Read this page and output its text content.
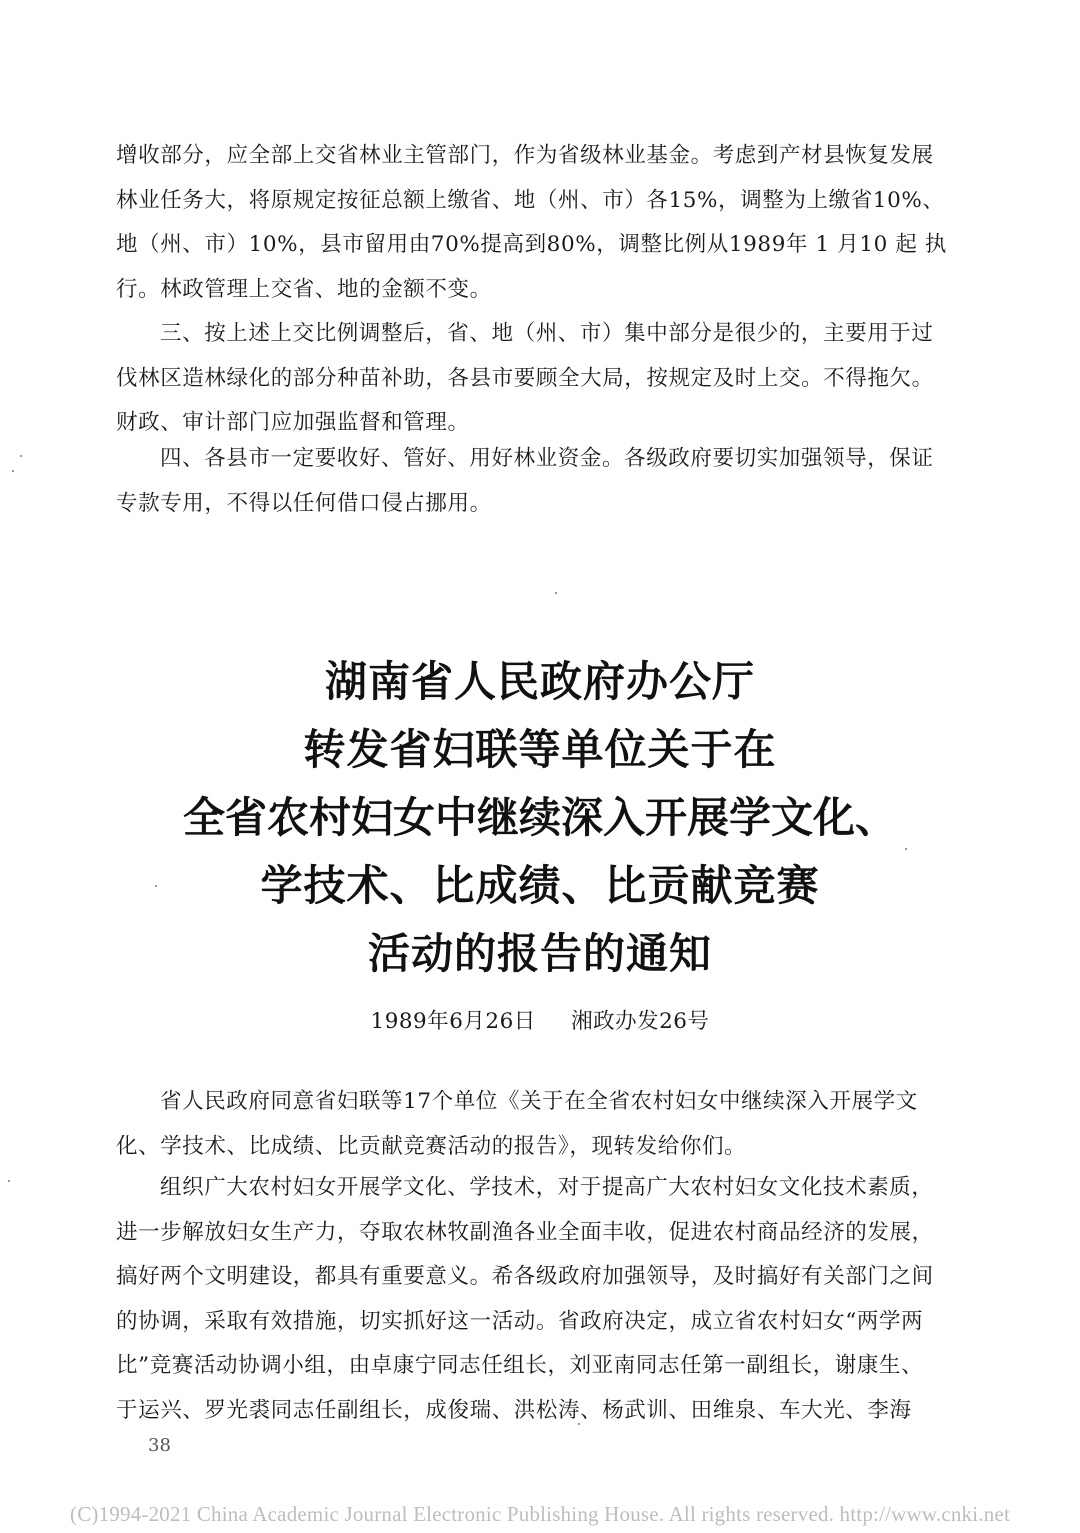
增收部分，应全部上交省林业主管部门，作为省级林业基金。考虑到产材县恢复发展
林业任务大，将原规定按征总额上缴省、地（州、市）各15%，调整为上缴省10%、
地（州、市）10%，县市留用由70%提高到80%，调整比例从1989年 1 月10 起 执
行。林政管理上交省、地的金额不变。
三、按上述上交比例调整后，省、地（州、市）集中部分是很少的，主要用于过
伐林区造林绿化的部分种苗补助，各县市要顾全大局，按规定及时上交。不得拖欠。
财政、审计部门应加强监督和管理。
四、各县市一定要收好、管好、用好林业资金。各级政府要切实加强领导，保证
专款专用，不得以任何借口侵占挪用。
湖南省人民政府办公厅
转发省妇联等单位关于在
全省农村妇女中继续深入开展学文化、
学技术、比成绩、比贡献竞赛
活动的报告的通知
1989年6月26日 湘政办发26号
省人民政府同意省妇联等17个单位《关于在全省农村妇女中继续深入开展学文
化、学技术、比成绩、比贡献竞赛活动的报告》，现转发给你们。
组织广大农村妇女开展学文化、学技术，对于提高广大农村妇女文化技术素质，
进一步解放妇女生产力，夺取农林牧副渔各业全面丰收，促进农村商品经济的发展，
搞好两个文明建设，都具有重要意义。希各级政府加强领导，及时搞好有关部门之间
的协调，采取有效措施，切实抓好这一活动。省政府决定，成立省农村妇女“两学两
比”竞赛活动协调小组，由卓康宁同志任组长，刘亚南同志任第一副组长，谢康生、
于运兴、罗光裘同志任副组长，成俊瑞、洪松涛、杨武训、田维泉、车大光、李海
38
(C)1994-2021 China Academic Journal Electronic Publishing House. All rights reserved. http://www.cnki.net
